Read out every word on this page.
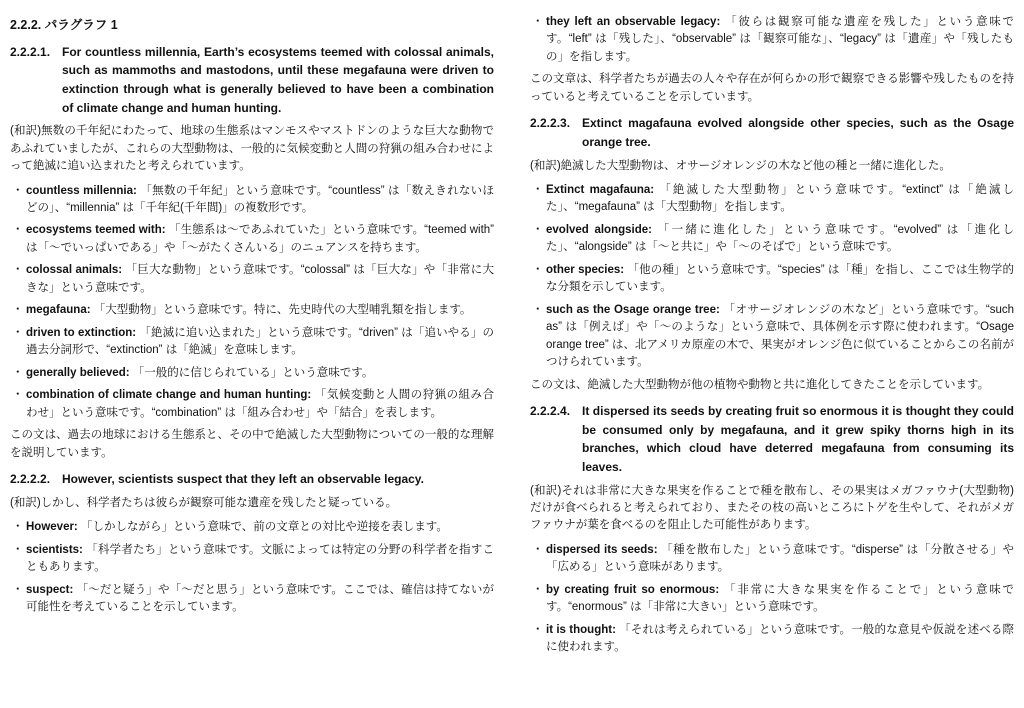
2.2.2. パラグラフ 1
2.2.2.1. For countless millennia, Earth’s ecosystems teemed with colossal animals, such as mammoths and mastodons, until these megafauna were driven to extinction through what is generally believed to have been a combination of climate change and human hunting.
(和訳)無数の千年紀にわたって、地球の生態系はマンモスやマストドンのような巨大な動物であふれていましたが、これらの大型動物は、一般的に気候変動と人間の狩猟の組み合わせによって絶滅に追い込まれたと考えられています。
・ countless millennia: 「無数の千年紀」という意味です。“countless” は「数えきれないほどの」、“millennia” は「千年紀(千年間)」の複数形です。
・ ecosystems teemed with: 「生態系は〜であふれていた」という意味です。“teemed with” は「〜でいっぱいである」や「〜がたくさんいる」のニュアンスを持ちます。
・ colossal animals: 「巨大な動物」という意味です。“colossal” は「巨大な」や「非常に大きな」という意味です。
・ megafauna: 「大型動物」という意味です。特に、先史時代の大型哺乳類を指します。
・ driven to extinction: 「絶滅に追い込まれた」という意味です。“driven” は「追いやる」の過去分詞形で、“extinction” は「絶滅」を意味します。
・ generally believed: 「一般的に信じられている」という意味です。
・ combination of climate change and human hunting: 「気候変動と人間の狩猟の組み合わせ」という意味です。“combination” は「組み合わせ」や「結合」を表します。
この文は、過去の地球における生態系と、その中で絶滅した大型動物についての一般的な理解を説明しています。
2.2.2.2. However, scientists suspect that they left an observable legacy.
(和訳)しかし、科学者たちは彼らが観察可能な遺産を残したと疑っている。
・ However: 「しかしながら」という意味で、前の文章との対比や逆接を表します。
・ scientists: 「科学者たち」という意味です。文脈によっては特定の分野の科学者を指すこともあります。
・ suspect: 「〜だと疑う」や「〜だと思う」という意味です。ここでは、確信は持てないが可能性を考えていることを示しています。
・ they left an observable legacy: 「彼らは観察可能な遺産を残した」という意味です。“left” は「残した」、“observable” は「観察可能な」、“legacy” は「遺産」や「残したもの」を指します。
この文章は、科学者たちが過去の人々や存在が何らかの形で観察できる影響や残したものを持っていると考えていることを示しています。
2.2.2.3. Extinct magafauna evolved alongside other species, such as the Osage orange tree.
(和訳)絶滅した大型動物は、オサージオレンジの木など他の種と一緒に進化した。
・ Extinct magafauna: 「絶滅した大型動物」という意味です。“extinct” は「絶滅した」、“megafauna” は「大型動物」を指します。
・ evolved alongside: 「一緒に進化した」という意味です。“evolved” は「進化した」、“alongside” は「〜と共に」や「〜のそばで」という意味です。
・ other species: 「他の種」という意味です。“species” は「種」を指し、ここでは生物学的な分類を示しています。
・ such as the Osage orange tree: 「オサージオレンジの木など」という意味です。“such as” は「例えば」や「〜のような」という意味で、具体例を示す際に使われます。“Osage orange tree” は、北アメリカ原産の木で、果実がオレンジ色に似ていることからこの名前がつけられています。
この文は、絶滅した大型動物が他の植物や動物と共に進化してきたことを示しています。
2.2.2.4. It dispersed its seeds by creating fruit so enormous it is thought they could be consumed only by megafauna, and it grew spiky thorns high in its branches, which cloud have deterred megafauna from consuming its leaves.
(和訳)それは非常に大きな果実を作ることで種を散布し、その果実はメガファウナ(大型動物)だけが食べられると考えられており、またその枝の高いところにトゲを生やして、それがメガファウナが葉を食べるのを阻止した可能性があります。
・ dispersed its seeds: 「種を散布した」という意味です。“disperse” は「分散させる」や「広める」という意味があります。
・ by creating fruit so enormous: 「非常に大きな果実を作ることで」という意味です。“enormous” は「非常に大きい」という意味です。
・ it is thought: 「それは考えられている」という意味です。一般的な意見や仮説を述べる際に使われます。
